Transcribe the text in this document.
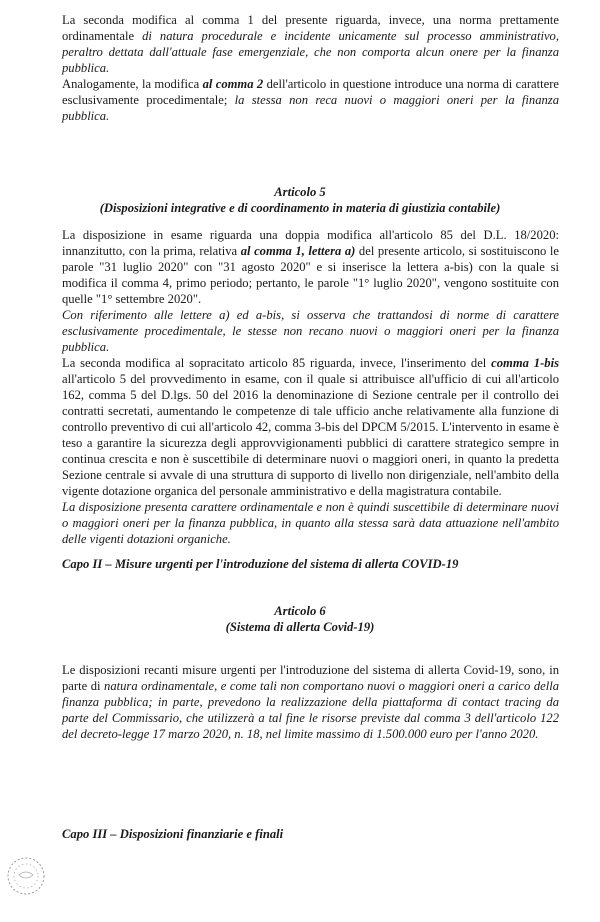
La seconda modifica al comma 1 del presente riguarda, invece, una norma prettamente ordinamentale di natura procedurale e incidente unicamente sul processo amministrativo, peraltro dettata dall'attuale fase emergenziale, che non comporta alcun onere per la finanza pubblica.

Analogamente, la modifica al comma 2 dell'articolo in questione introduce una norma di carattere esclusivamente procedimentale; la stessa non reca nuovi o maggiori oneri per la finanza pubblica.

Articolo 5
(Disposizioni integrative e di coordinamento in materia di giustizia contabile)

La disposizione in esame riguarda una doppia modifica all'articolo 85 del D.L. 18/2020: innanzitutto, con la prima, relativa al comma 1, lettera a) del presente articolo, si sostituiscono le parole "31 luglio 2020" con "31 agosto 2020" e si inserisce la lettera a-bis) con la quale si modifica il comma 4, primo periodo; pertanto, le parole "1° luglio 2020", vengono sostituite con quelle "1° settembre 2020".

Con riferimento alle lettere a) ed a-bis, si osserva che trattandosi di norme di carattere esclusivamente procedimentale, le stesse non recano nuovi o maggiori oneri per la finanza pubblica.

La seconda modifica al sopracitato articolo 85 riguarda, invece, l'inserimento del comma 1-bis all'articolo 5 del provvedimento in esame, con il quale si attribuisce all'ufficio di cui all'articolo 162, comma 5 del D.lgs. 50 del 2016 la denominazione di Sezione centrale per il controllo dei contratti secretati, aumentando le competenze di tale ufficio anche relativamente alla funzione di controllo preventivo di cui all'articolo 42, comma 3-bis del DPCM 5/2015. L'intervento in esame è teso a garantire la sicurezza degli approvvigionamenti pubblici di carattere strategico sempre in continua crescita e non è suscettibile di determinare nuovi o maggiori oneri, in quanto la predetta Sezione centrale si avvale di una struttura di supporto di livello non dirigenziale, nell'ambito della vigente dotazione organica del personale amministrativo e della magistratura contabile.

La disposizione presenta carattere ordinamentale e non è quindi suscettibile di determinare nuovi o maggiori oneri per la finanza pubblica, in quanto alla stessa sarà data attuazione nell'ambito delle vigenti dotazioni organiche.

Capo II – Misure urgenti per l'introduzione del sistema di allerta COVID-19
Articolo 6
(Sistema di allerta Covid-19)

Le disposizioni recanti misure urgenti per l'introduzione del sistema di allerta Covid-19, sono, in parte di natura ordinamentale, e come tali non comportano nuovi o maggiori oneri a carico della finanza pubblica; in parte, prevedono la realizzazione della piattaforma di contact tracing da parte del Commissario, che utilizzerà a tal fine le risorse previste dal comma 3 dell'articolo 122 del decreto-legge 17 marzo 2020, n. 18, nel limite massimo di 1.500.000 euro per l'anno 2020.

Capo III – Disposizioni finanziarie e finali
